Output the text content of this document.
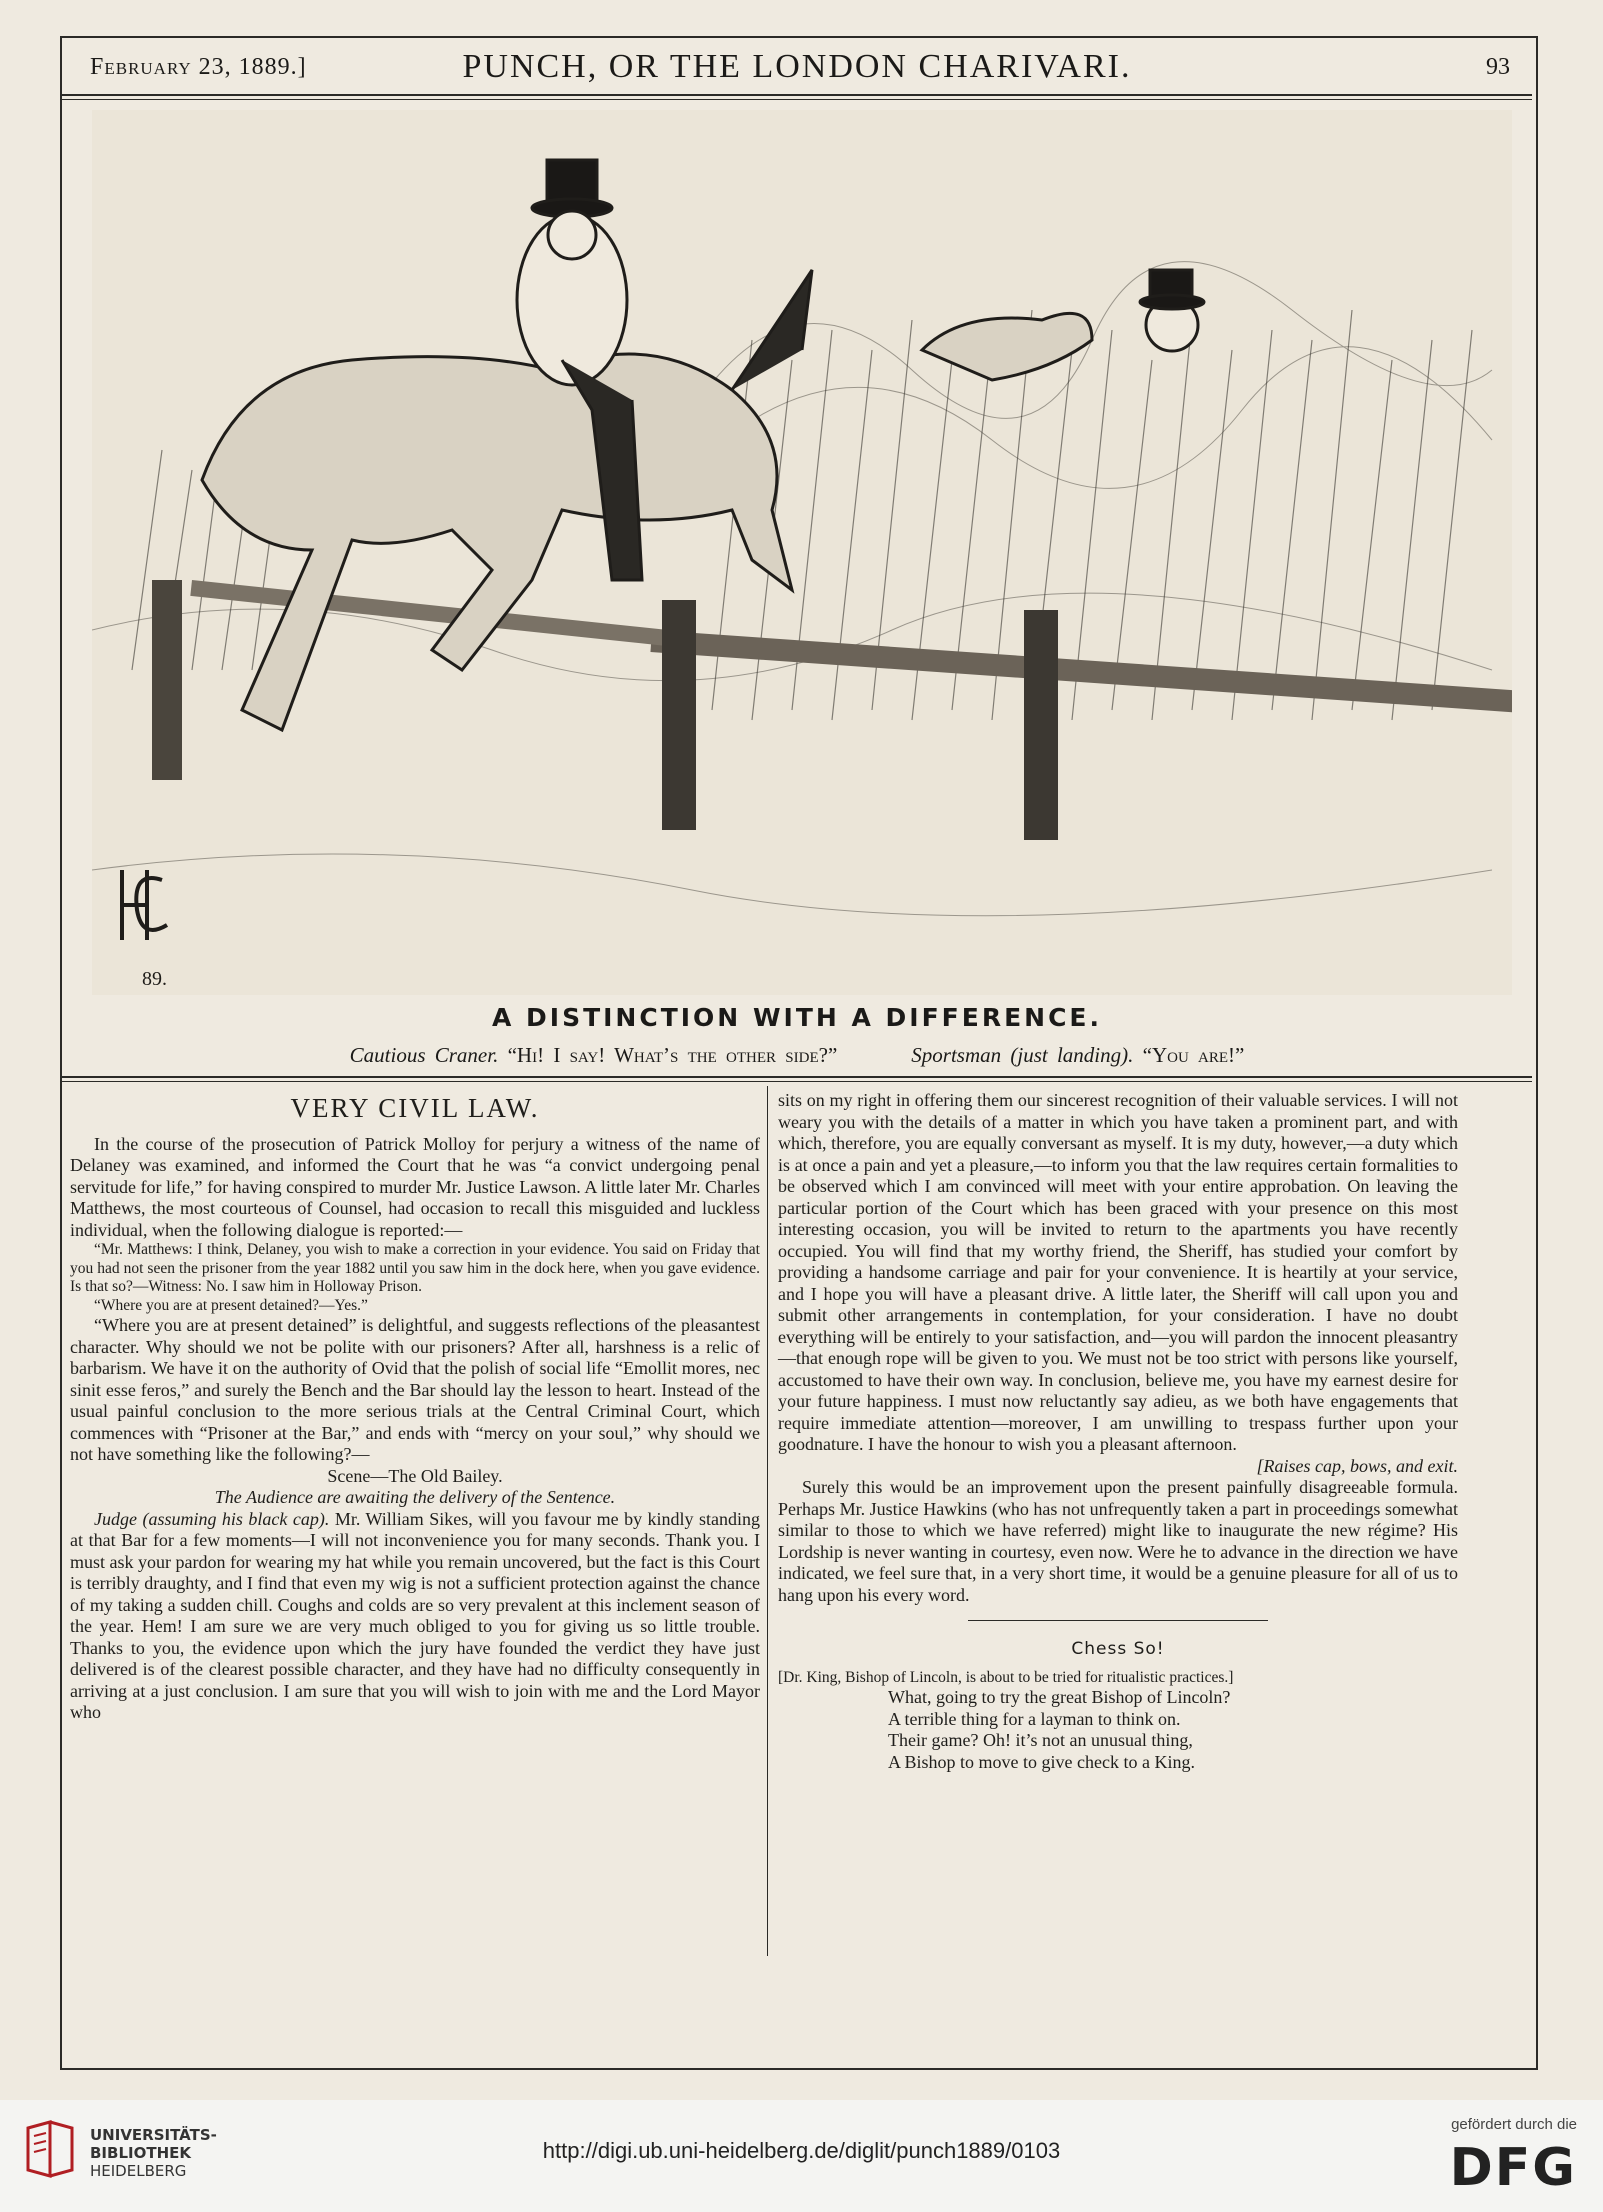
February 23, 1889.]	PUNCH, OR THE LONDON CHARIVARI.	93
89.
A DISTINCTION WITH A DIFFERENCE.
Cautious Craner. “Hi! I say! What’s the other side?”	Sportsman (just landing). “You are!”

VERY CIVIL LAW.

In the course of the prosecution of Patrick Molloy for perjury a witness of the name of Delaney was examined, and informed the Court that he was “a convict undergoing penal servitude for life,” for having conspired to murder Mr. Justice Lawson. A little later Mr. Charles Matthews, the most courteous of Counsel, had occasion to recall this misguided and luckless individual, when the following dialogue is reported:—

“Mr. Matthews: I think, Delaney, you wish to make a correction in your evidence. You said on Friday that you had not seen the prisoner from the year 1882 until you saw him in the dock here, when you gave evidence. Is that so?—Witness: No. I saw him in Holloway Prison.

“Where you are at present detained?—Yes.”

“Where you are at present detained” is delightful, and suggests reflections of the pleasantest character. Why should we not be polite with our prisoners? After all, harshness is a relic of barbarism. We have it on the authority of Ovid that the polish of social life “Emollit mores, nec sinit esse feros,” and surely the Bench and the Bar should lay the lesson to heart. Instead of the usual painful conclusion to the more serious trials at the Central Criminal Court, which commences with “Prisoner at the Bar,” and ends with “mercy on your soul,” why should we not have something like the following?—

Scene—The Old Bailey.

The Audience are awaiting the delivery of the Sentence.

Judge (assuming his black cap). Mr. William Sikes, will you favour me by kindly standing at that Bar for a few moments—I will not inconvenience you for many seconds. Thank you. I must ask your pardon for wearing my hat while you remain uncovered, but the fact is this Court is terribly draughty, and I find that even my wig is not a sufficient protection against the chance of my taking a sudden chill. Coughs and colds are so very prevalent at this inclement season of the year. Hem! I am sure we are very much obliged to you for giving us so little trouble. Thanks to you, the evidence upon which the jury have founded the verdict they have just delivered is of the clearest possible character, and they have had no difficulty consequently in arriving at a just conclusion. I am sure that you will wish to join with me and the Lord Mayor who

sits on my right in offering them our sincerest recognition of their valuable services. I will not weary you with the details of a matter in which you have taken a prominent part, and with which, therefore, you are equally conversant as myself. It is my duty, however,—a duty which is at once a pain and yet a pleasure,—to inform you that the law requires certain formalities to be observed which I am convinced will meet with your entire approbation. On leaving the particular portion of the Court which has been graced with your presence on this most interesting occasion, you will be invited to return to the apartments you have recently occupied. You will find that my worthy friend, the Sheriff, has studied your comfort by providing a handsome carriage and pair for your convenience. It is heartily at your service, and I hope you will have a pleasant drive. A little later, the Sheriff will call upon you and submit other arrangements in contemplation, for your consideration. I have no doubt everything will be entirely to your satisfaction, and—you will pardon the innocent pleasantry—that enough rope will be given to you. We must not be too strict with persons like yourself, accustomed to have their own way. In conclusion, believe me, you have my earnest desire for your future happiness. I must now reluctantly say adieu, as we both have engagements that require immediate attention—moreover, I am unwilling to trespass further upon your goodnature. I have the honour to wish you a pleasant afternoon.

[Raises cap, bows, and exit.

Surely this would be an improvement upon the present painfully disagreeable formula. Perhaps Mr. Justice Hawkins (who has not unfrequently taken a part in proceedings somewhat similar to those to which we have referred) might like to inaugurate the new régime? His Lordship is never wanting in courtesy, even now. Were he to advance in the direction we have indicated, we feel sure that, in a very short time, it would be a genuine pleasure for all of us to hang upon his every word.

Chess So!

[Dr. King, Bishop of Lincoln, is about to be tried for ritualistic practices.]

What, going to try the great Bishop of Lincoln?

A terrible thing for a layman to think on.

Their game? Oh! it’s not an unusual thing,

A Bishop to move to give check to a King.

UNIVERSITÄTS-
BIBLIOTHEK
HEIDELBERG
http://digi.ub.uni-heidelberg.de/diglit/punch1889/0103
gefördert durch die
DFG
